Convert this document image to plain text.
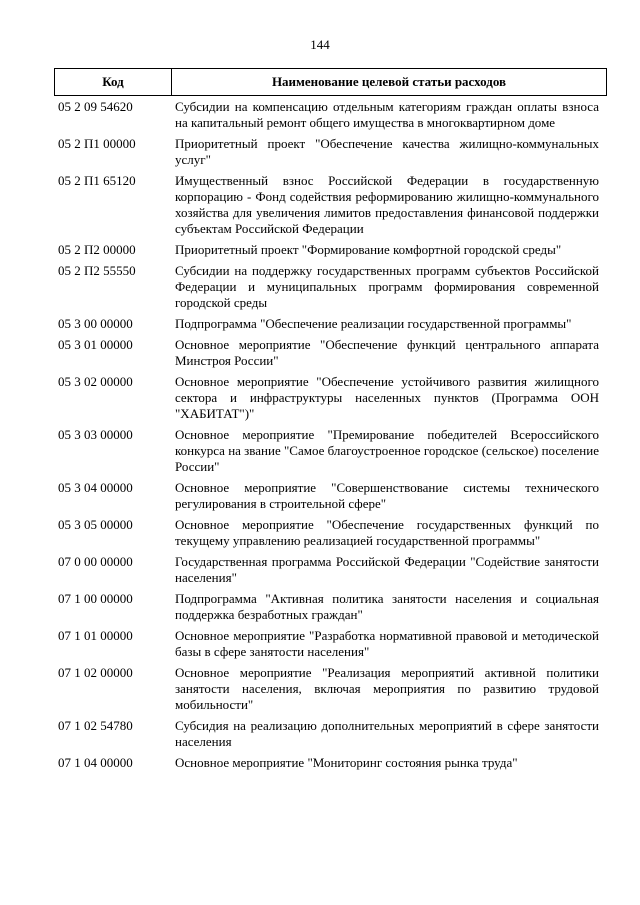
144
Код	Наименование целевой статьи расходов
05 2 09 54620	Субсидии на компенсацию отдельным категориям граждан оплаты взноса на капитальный ремонт общего имущества в многоквартирном доме
05 2 П1 00000	Приоритетный проект "Обеспечение качества жилищно-коммунальных услуг"
05 2 П1 65120	Имущественный взнос Российской Федерации в государственную корпорацию - Фонд содействия реформированию жилищно-коммунального хозяйства для увеличения лимитов предоставления финансовой поддержки субъектам Российской Федерации
05 2 П2 00000	Приоритетный проект "Формирование комфортной городской среды"
05 2 П2 55550	Субсидии на поддержку государственных программ субъектов Российской Федерации и муниципальных программ формирования современной городской среды
05 3 00 00000	Подпрограмма "Обеспечение реализации государственной программы"
05 3 01 00000	Основное мероприятие "Обеспечение функций центрального аппарата Минстроя России"
05 3 02 00000	Основное мероприятие "Обеспечение устойчивого развития жилищного сектора и инфраструктуры населенных пунктов (Программа ООН "ХАБИТАТ")"
05 3 03 00000	Основное мероприятие "Премирование победителей Всероссийского конкурса на звание "Самое благоустроенное городское (сельское) поселение России"
05 3 04 00000	Основное мероприятие "Совершенствование системы технического регулирования в строительной сфере"
05 3 05 00000	Основное мероприятие "Обеспечение государственных функций по текущему управлению реализацией государственной программы"
07 0 00 00000	Государственная программа Российской Федерации "Содействие занятости населения"
07 1 00 00000	Подпрограмма "Активная политика занятости населения и социальная поддержка безработных граждан"
07 1 01 00000	Основное мероприятие "Разработка нормативной правовой и методической базы в сфере занятости населения"
07 1 02 00000	Основное мероприятие "Реализация мероприятий активной политики занятости населения, включая мероприятия по развитию трудовой мобильности"
07 1 02 54780	Субсидия на реализацию дополнительных мероприятий в сфере занятости населения
07 1 04 00000	Основное мероприятие "Мониторинг состояния рынка труда"
